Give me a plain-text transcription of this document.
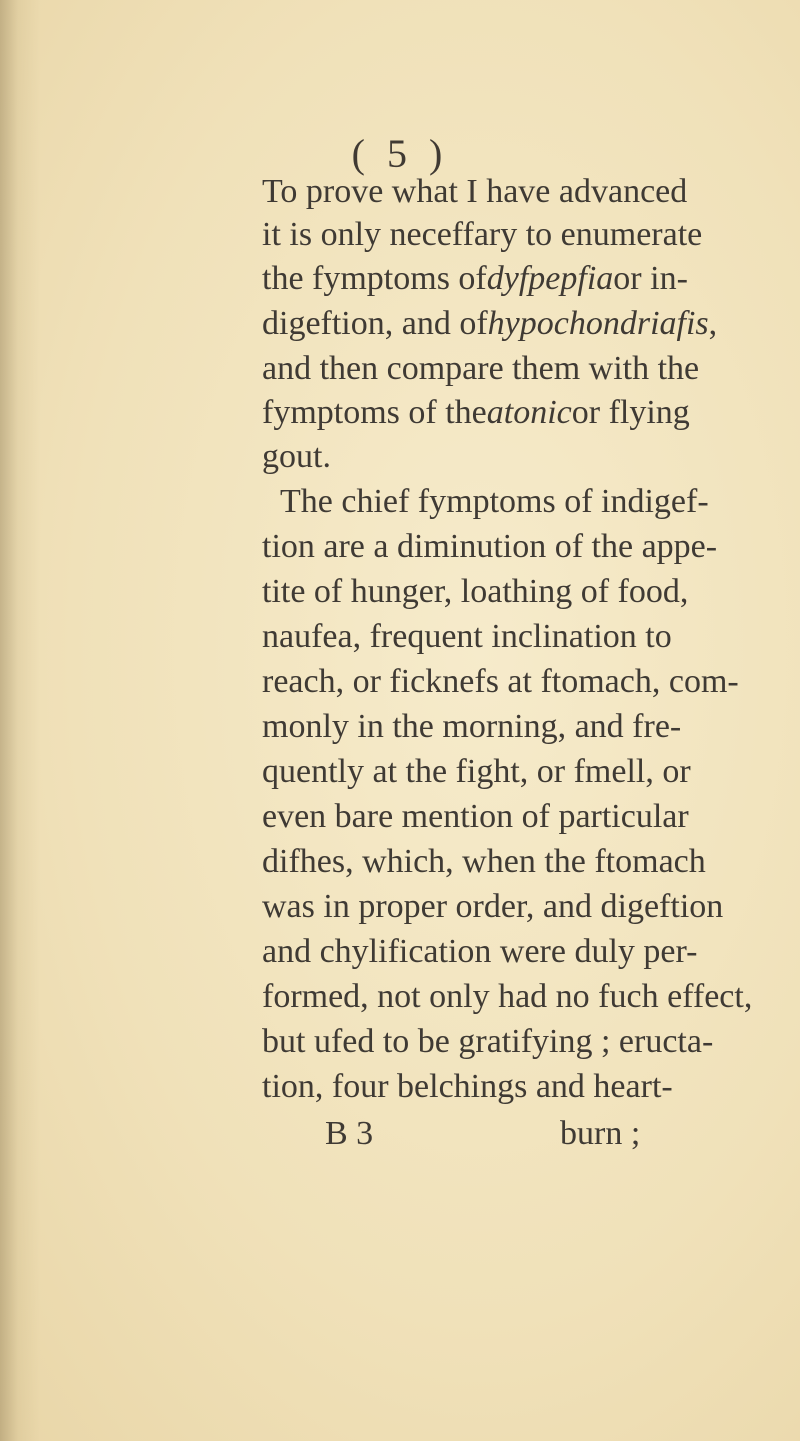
( 5 )
To prove what I have advanced
it is only neceffary to enumerate
the fymptoms of dyfpepfia or in-
digeftion, and of hypochondriafis ,
and then compare them with the
fymptoms of the atonic or flying
gout.
The chief fymptoms of indigef-
tion are a diminution of the appe-
tite of hunger, loathing of food,
naufea, frequent inclination to
reach, or ficknefs at ftomach, com-
monly in the morning, and fre-
quently at the fight, or fmell, or
even bare mention of particular
difhes, which, when the ftomach
was in proper order, and digeftion
and chylification were duly per-
formed, not only had no fuch effect,
but ufed to be gratifying ; eructa-
tion, four belchings and heart-
B 3	burn ;
